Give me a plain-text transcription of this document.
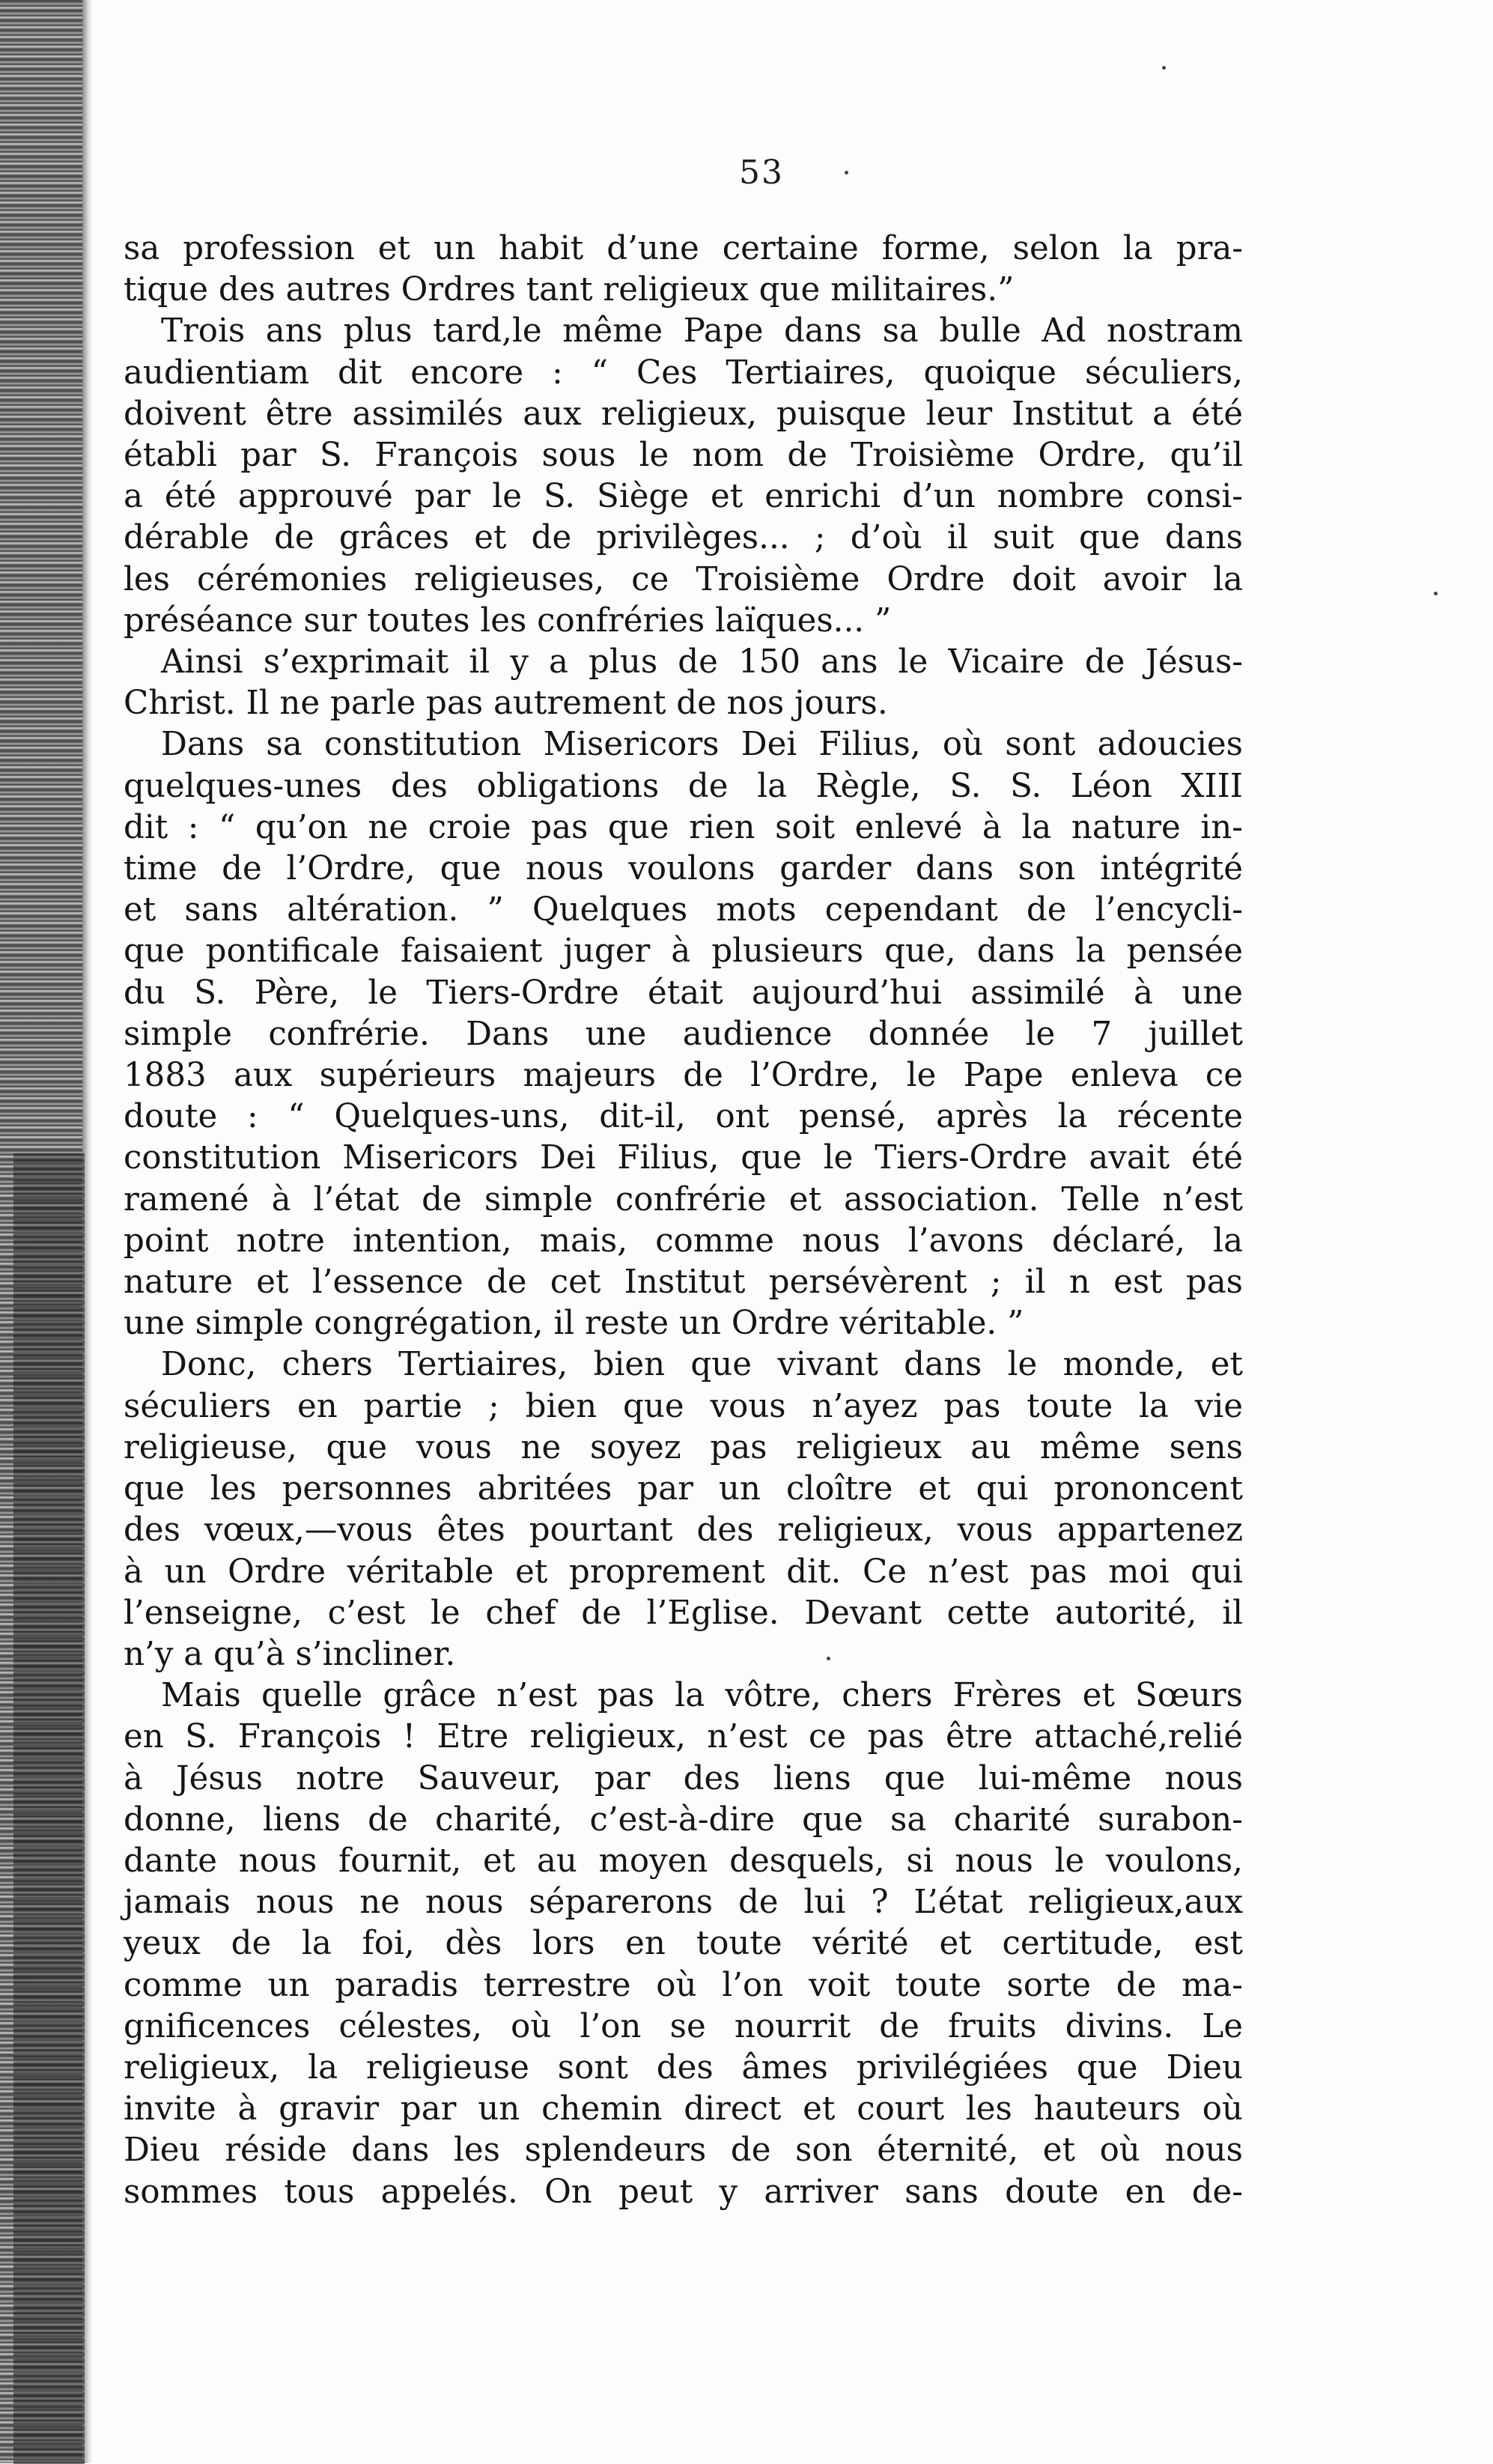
53
sa profession et un habit d’une certaine forme, selon la pra-
tique des autres Ordres tant religieux que militaires.”
Trois ans plus tard,le même Pape dans sa bulle Ad nostram
audientiam dit encore : “ Ces Tertiaires, quoique séculiers,
doivent être assimilés aux religieux, puisque leur Institut a été
établi par S. François sous le nom de Troisième Ordre, qu’il
a été approuvé par le S. Siège et enrichi d’un nombre consi-
dérable de grâces et de privilèges... ; d’où il suit que dans
les cérémonies religieuses, ce Troisième Ordre doit avoir la
préséance sur toutes les confréries laïques... ”
Ainsi s’exprimait il y a plus de 150 ans le Vicaire de Jésus-
Christ. Il ne parle pas autrement de nos jours.
Dans sa constitution Misericors Dei Filius, où sont adoucies
quelques-unes des obligations de la Règle, S. S. Léon XIII
dit : “ qu’on ne croie pas que rien soit enlevé à la nature in-
time de l’Ordre, que nous voulons garder dans son intégrité
et sans altération. ” Quelques mots cependant de l’encycli-
que pontificale faisaient juger à plusieurs que, dans la pensée
du S. Père, le Tiers-Ordre était aujourd’hui assimilé à une
simple confrérie. Dans une audience donnée le 7 juillet
1883 aux supérieurs majeurs de l’Ordre, le Pape enleva ce
doute : “ Quelques-uns, dit-il, ont pensé, après la récente
constitution Misericors Dei Filius, que le Tiers-Ordre avait été
ramené à l’état de simple confrérie et association. Telle n’est
point notre intention, mais, comme nous l’avons déclaré, la
nature et l’essence de cet Institut persévèrent ; il n est pas
une simple congrégation, il reste un Ordre véritable. ”
Donc, chers Tertiaires, bien que vivant dans le monde, et
séculiers en partie ; bien que vous n’ayez pas toute la vie
religieuse, que vous ne soyez pas religieux au même sens
que les personnes abritées par un cloître et qui prononcent
des vœux,—vous êtes pourtant des religieux, vous appartenez
à un Ordre véritable et proprement dit. Ce n’est pas moi qui
l’enseigne, c’est le chef de l’Eglise. Devant cette autorité, il
n’y a qu’à s’incliner.
Mais quelle grâce n’est pas la vôtre, chers Frères et Sœurs
en S. François ! Etre religieux, n’est ce pas être attaché,relié
à Jésus notre Sauveur, par des liens que lui-même nous
donne, liens de charité, c’est-à-dire que sa charité surabon-
dante nous fournit, et au moyen desquels, si nous le voulons,
jamais nous ne nous séparerons de lui ? L’état religieux,aux
yeux de la foi, dès lors en toute vérité et certitude, est
comme un paradis terrestre où l’on voit toute sorte de ma-
gnificences célestes, où l’on se nourrit de fruits divins. Le
religieux, la religieuse sont des âmes privilégiées que Dieu
invite à gravir par un chemin direct et court les hauteurs où
Dieu réside dans les splendeurs de son éternité, et où nous
sommes tous appelés. On peut y arriver sans doute en de-
